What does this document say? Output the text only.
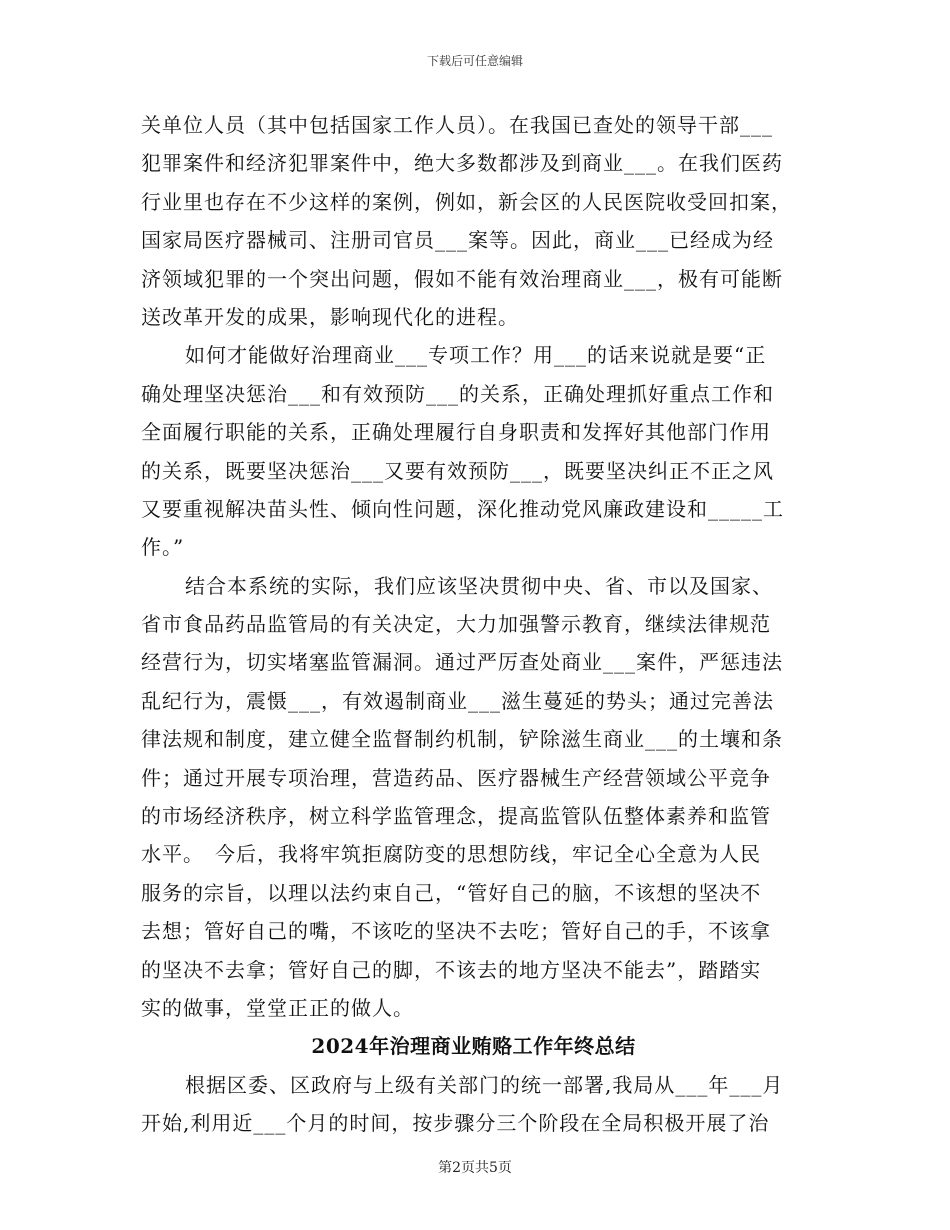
下载后可任意编辑
关单位人员（其中包括国家工作人员）。在我国已查处的领导干部___
犯罪案件和经济犯罪案件中，绝大多数都涉及到商业___。在我们医药
行业里也存在不少这样的案例，例如，新会区的人民医院收受回扣案，
国家局医疗器械司、注册司官员___案等。因此，商业___已经成为经
济领域犯罪的一个突出问题，假如不能有效治理商业___，极有可能断
送改革开发的成果，影响现代化的进程。
如何才能做好治理商业___专项工作？用___的话来说就是要“正
确处理坚决惩治___和有效预防___的关系，正确处理抓好重点工作和
全面履行职能的关系，正确处理履行自身职责和发挥好其他部门作用
的关系，既要坚决惩治___又要有效预防___，既要坚决纠正不正之风
又要重视解决苗头性、倾向性问题，深化推动党风廉政建设和_____工
作。”
结合本系统的实际，我们应该坚决贯彻中央、省、市以及国家、
省市食品药品监管局的有关决定，大力加强警示教育，继续法律规范
经营行为，切实堵塞监管漏洞。通过严厉查处商业___案件，严惩违法
乱纪行为，震慑___，有效遏制商业___滋生蔓延的势头；通过完善法
律法规和制度，建立健全监督制约机制，铲除滋生商业___的土壤和条
件；通过开展专项治理，营造药品、医疗器械生产经营领域公平竞争
的市场经济秩序，树立科学监管理念，提高监管队伍整体素养和监管
水平。　今后，我将牢筑拒腐防变的思想防线，牢记全心全意为人民
服务的宗旨，以理以法约束自己，“管好自己的脑，不该想的坚决不
去想；管好自己的嘴，不该吃的坚决不去吃；管好自己的手，不该拿
的坚决不去拿；管好自己的脚，不该去的地方坚决不能去”，踏踏实
实的做事，堂堂正正的做人。
2024年治理商业贿赂工作年终总结
根据区委、区政府与上级有关部门的统一部署,我局从___年___月
开始,利用近___个月的时间，按步骤分三个阶段在全局积极开展了治
第2页共5页
